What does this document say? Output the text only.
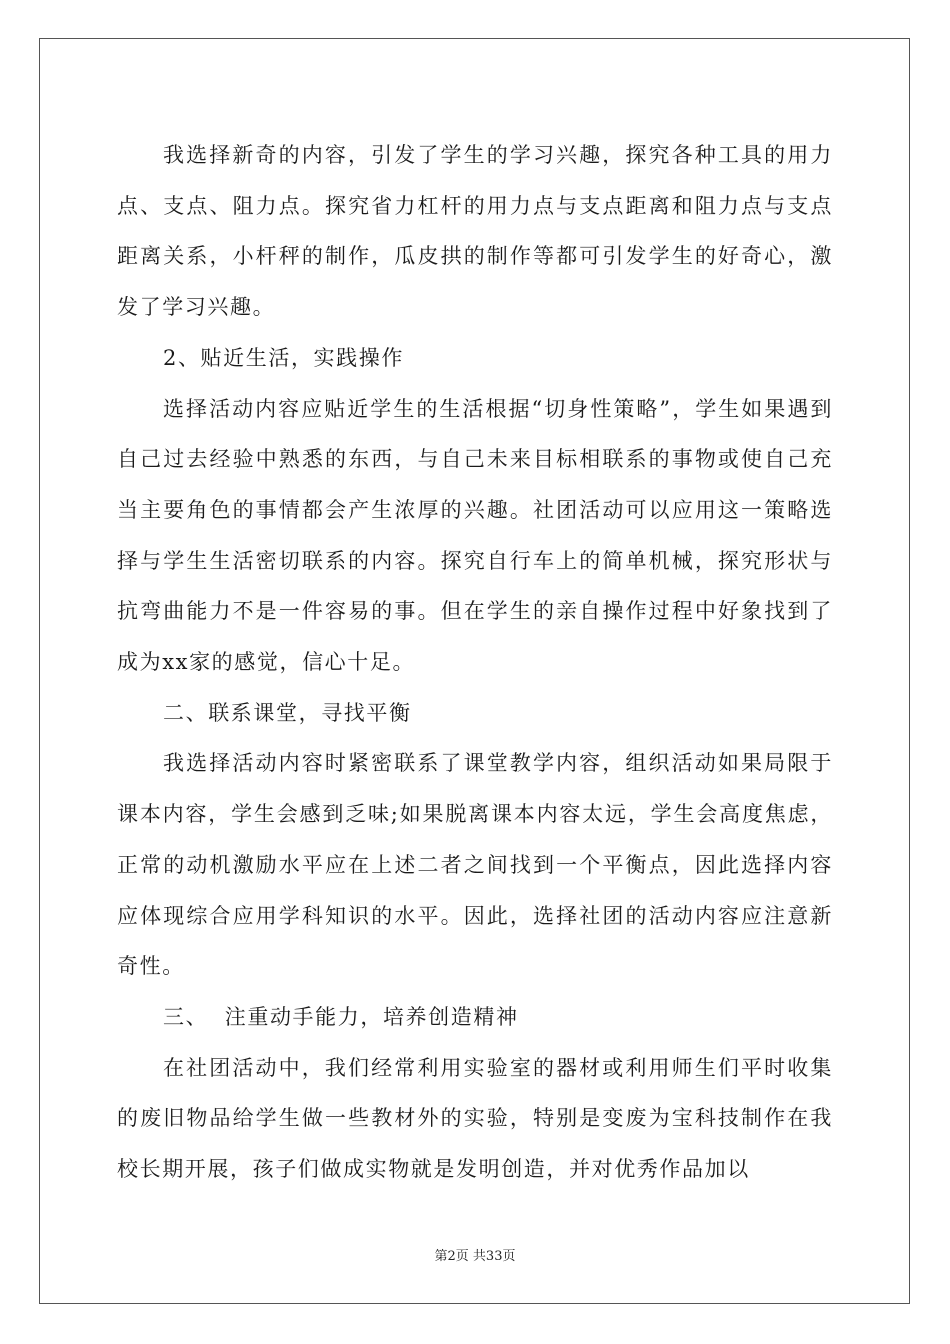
我选择新奇的内容，引发了学生的学习兴趣，探究各种工具的用力点、支点、阻力点。探究省力杠杆的用力点与支点距离和阻力点与支点距离关系，小杆秤的制作，瓜皮拱的制作等都可引发学生的好奇心，激发了学习兴趣。

2、贴近生活，实践操作

选择活动内容应贴近学生的生活根据“切身性策略”，学生如果遇到自己过去经验中熟悉的东西，与自己未来目标相联系的事物或使自己充当主要角色的事情都会产生浓厚的兴趣。社团活动可以应用这一策略选择与学生生活密切联系的内容。探究自行车上的简单机械，探究形状与抗弯曲能力不是一件容易的事。但在学生的亲自操作过程中好象找到了成为xx家的感觉，信心十足。

二、联系课堂，寻找平衡

我选择活动内容时紧密联系了课堂教学内容，组织活动如果局限于课本内容，学生会感到乏味;如果脱离课本内容太远，学生会高度焦虑，正常的动机激励水平应在上述二者之间找到一个平衡点，因此选择内容应体现综合应用学科知识的水平。因此，选择社团的活动内容应注意新奇性。

三、  注重动手能力，培养创造精神

在社团活动中，我们经常利用实验室的器材或利用师生们平时收集的废旧物品给学生做一些教材外的实验，特别是变废为宝科技制作在我校长期开展，孩子们做成实物就是发明创造，并对优秀作品加以

第2页 共33页
